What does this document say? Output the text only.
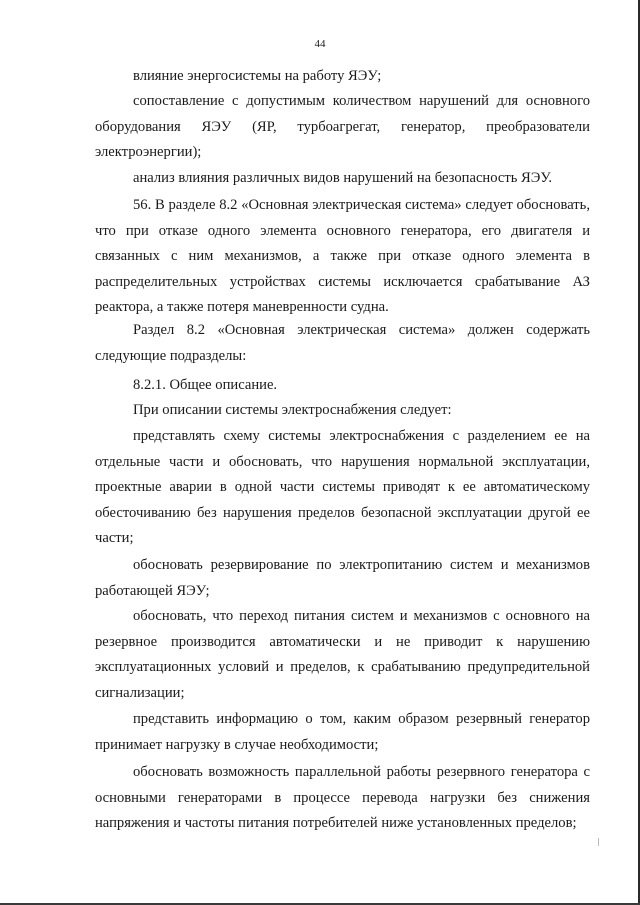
44

влияние энергосистемы на работу ЯЭУ;

сопоставление с допустимым количеством нарушений для основного оборудования ЯЭУ (ЯР, турбоагрегат, генератор, преобразователи электроэнергии);

анализ влияния различных видов нарушений на безопасность ЯЭУ.

56. В разделе 8.2 «Основная электрическая система» следует обосновать, что при отказе одного элемента основного генератора, его двигателя и связанных с ним механизмов, а также при отказе одного элемента в распределительных устройствах системы исключается срабатывание АЗ реактора, а также потеря маневренности судна.

Раздел 8.2 «Основная электрическая система» должен содержать следующие подразделы:

8.2.1. Общее описание.

При описании системы электроснабжения следует:

представлять схему системы электроснабжения с разделением ее на отдельные части и обосновать, что нарушения нормальной эксплуатации, проектные аварии в одной части системы приводят к ее автоматическому обесточиванию без нарушения пределов безопасной эксплуатации другой ее части;

обосновать резервирование по электропитанию систем и механизмов работающей ЯЭУ;

обосновать, что переход питания систем и механизмов с основного на резервное производится автоматически и не приводит к нарушению эксплуатационных условий и пределов, к срабатыванию предупредительной сигнализации;

представить информацию о том, каким образом резервный генератор принимает нагрузку в случае необходимости;

обосновать возможность параллельной работы резервного генератора с основными генераторами в процессе перевода нагрузки без снижения напряжения и частоты питания потребителей ниже установленных пределов;
